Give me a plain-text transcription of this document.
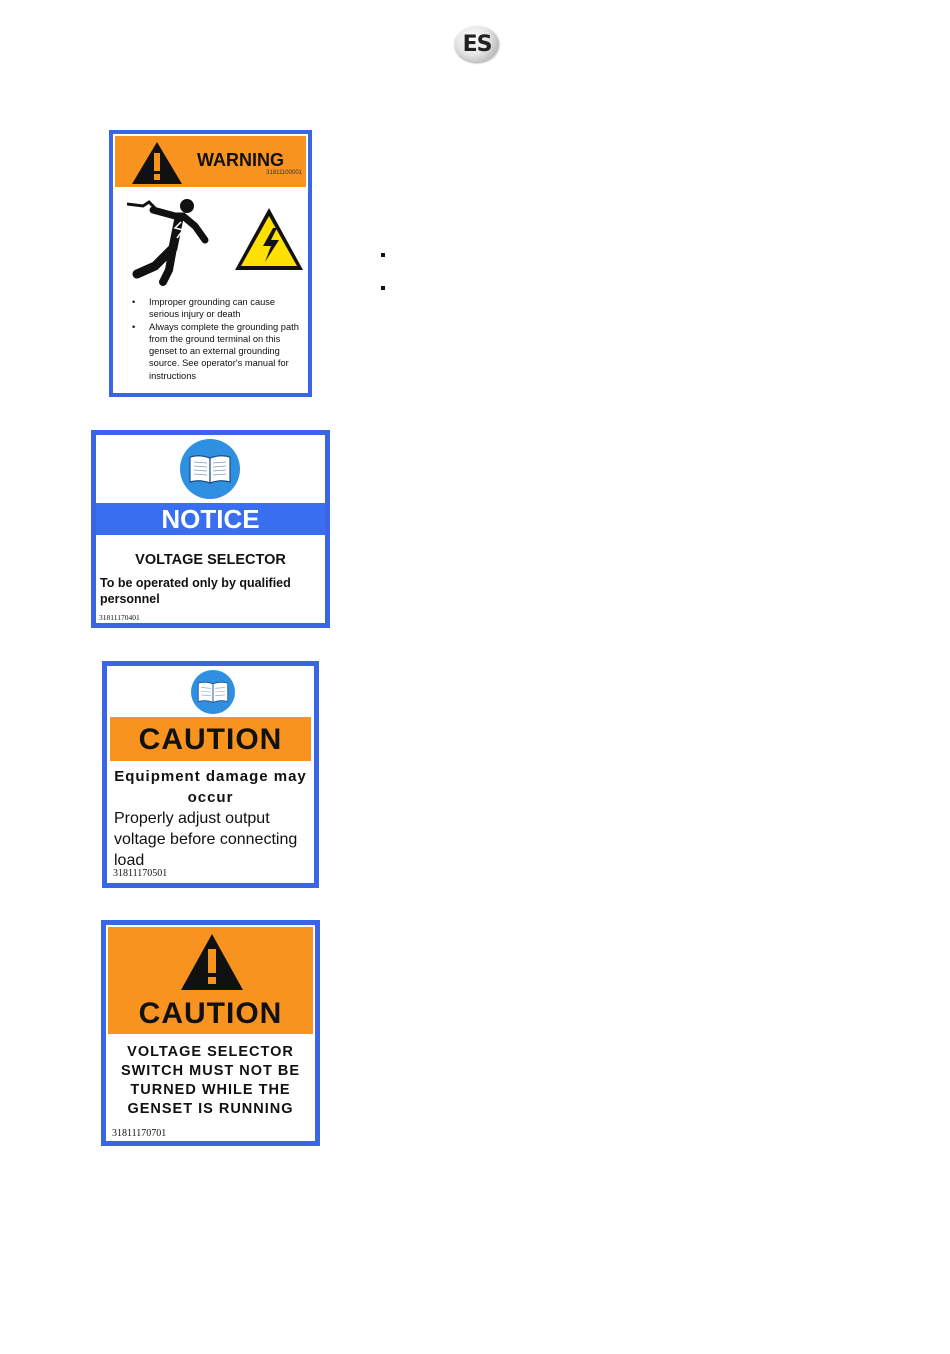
ES
WARNING
31811100001
• Improper grounding can cause serious injury or death
• Always complete the grounding path from the ground terminal on this genset to an external grounding source. See operator's manual for instructions
NOTICE
VOLTAGE SELECTOR
To be operated only by qualified personnel
31811170401
CAUTION
Equipment damage may occur
Properly adjust output voltage before connecting load
31811170501
CAUTION
VOLTAGE SELECTOR SWITCH MUST NOT BE TURNED WHILE THE GENSET IS RUNNING
31811170701
